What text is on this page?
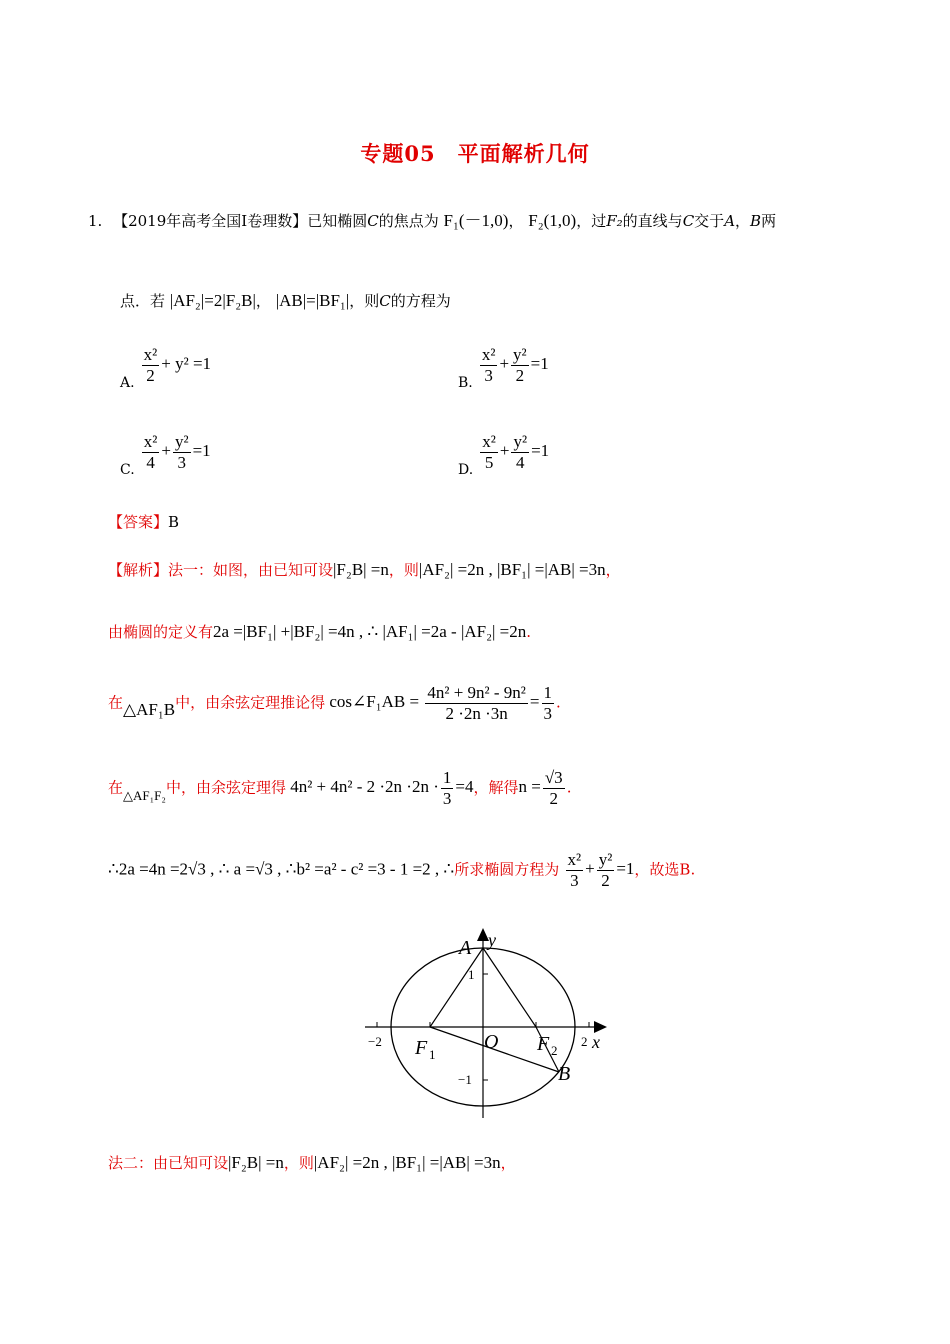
专题05　平面解析几何
1. 【2019年高考全国Ⅰ卷理数】已知椭圆C的焦点为 F₁(－1,0)， F₂(1,0)，过F₂的直线与C交于A，B两
点．若 |AF₂|=2|F₂B|， |AB|=|BF₁|，则C的方程为
A. $\frac{\text{x²}}{2} + y^2 =1$
B. $\frac{\text{x²}}{3} + \frac{\text{y²}}{2} =1$
C. $\frac{\text{x²}}{4} + \frac{\text{y²}}{3} =1$
D. $\frac{\text{x²}}{5} + \frac{\text{y²}}{4} =1$
【答案】B
【解析】法一：如图，由已知可设|F₂B| =n，则|AF₂| =2n , |BF₁| =|AB| =3n，
由椭圆的定义有2a =|BF₁| +|BF₂| =4n , ∴ |AF₁| =2a - |AF₂| =2n.
在△AF₁B中，由余弦定理推论得 cos∠F₁AB = $\frac{\text{4n² + 9n² - 9n²}}{2 \cdot 2n \cdot 3n} = \frac{1}{3}$ .
在△AF₁F₂中，由余弦定理得 $4n^2 + 4n^2 - 2 \cdot 2n \cdot 2n \cdot \frac{1}{3} =4$，解得$n = \frac{√3}{2}$ .
∴2a =4n =2√3 , ∴ a =√3 , ∴b² =a² - c² =3 - 1 =2 , ∴所求椭圆方程为 $\frac{\text{x²}}{3} + \frac{\text{y²}}{2} =1$，故选B.
A y
x
O
F 1	F 2
B
−2	2
1
−1
法二：由已知可设|F₂B| =n，则|AF₂| =2n , |BF₁| =|AB| =3n，
